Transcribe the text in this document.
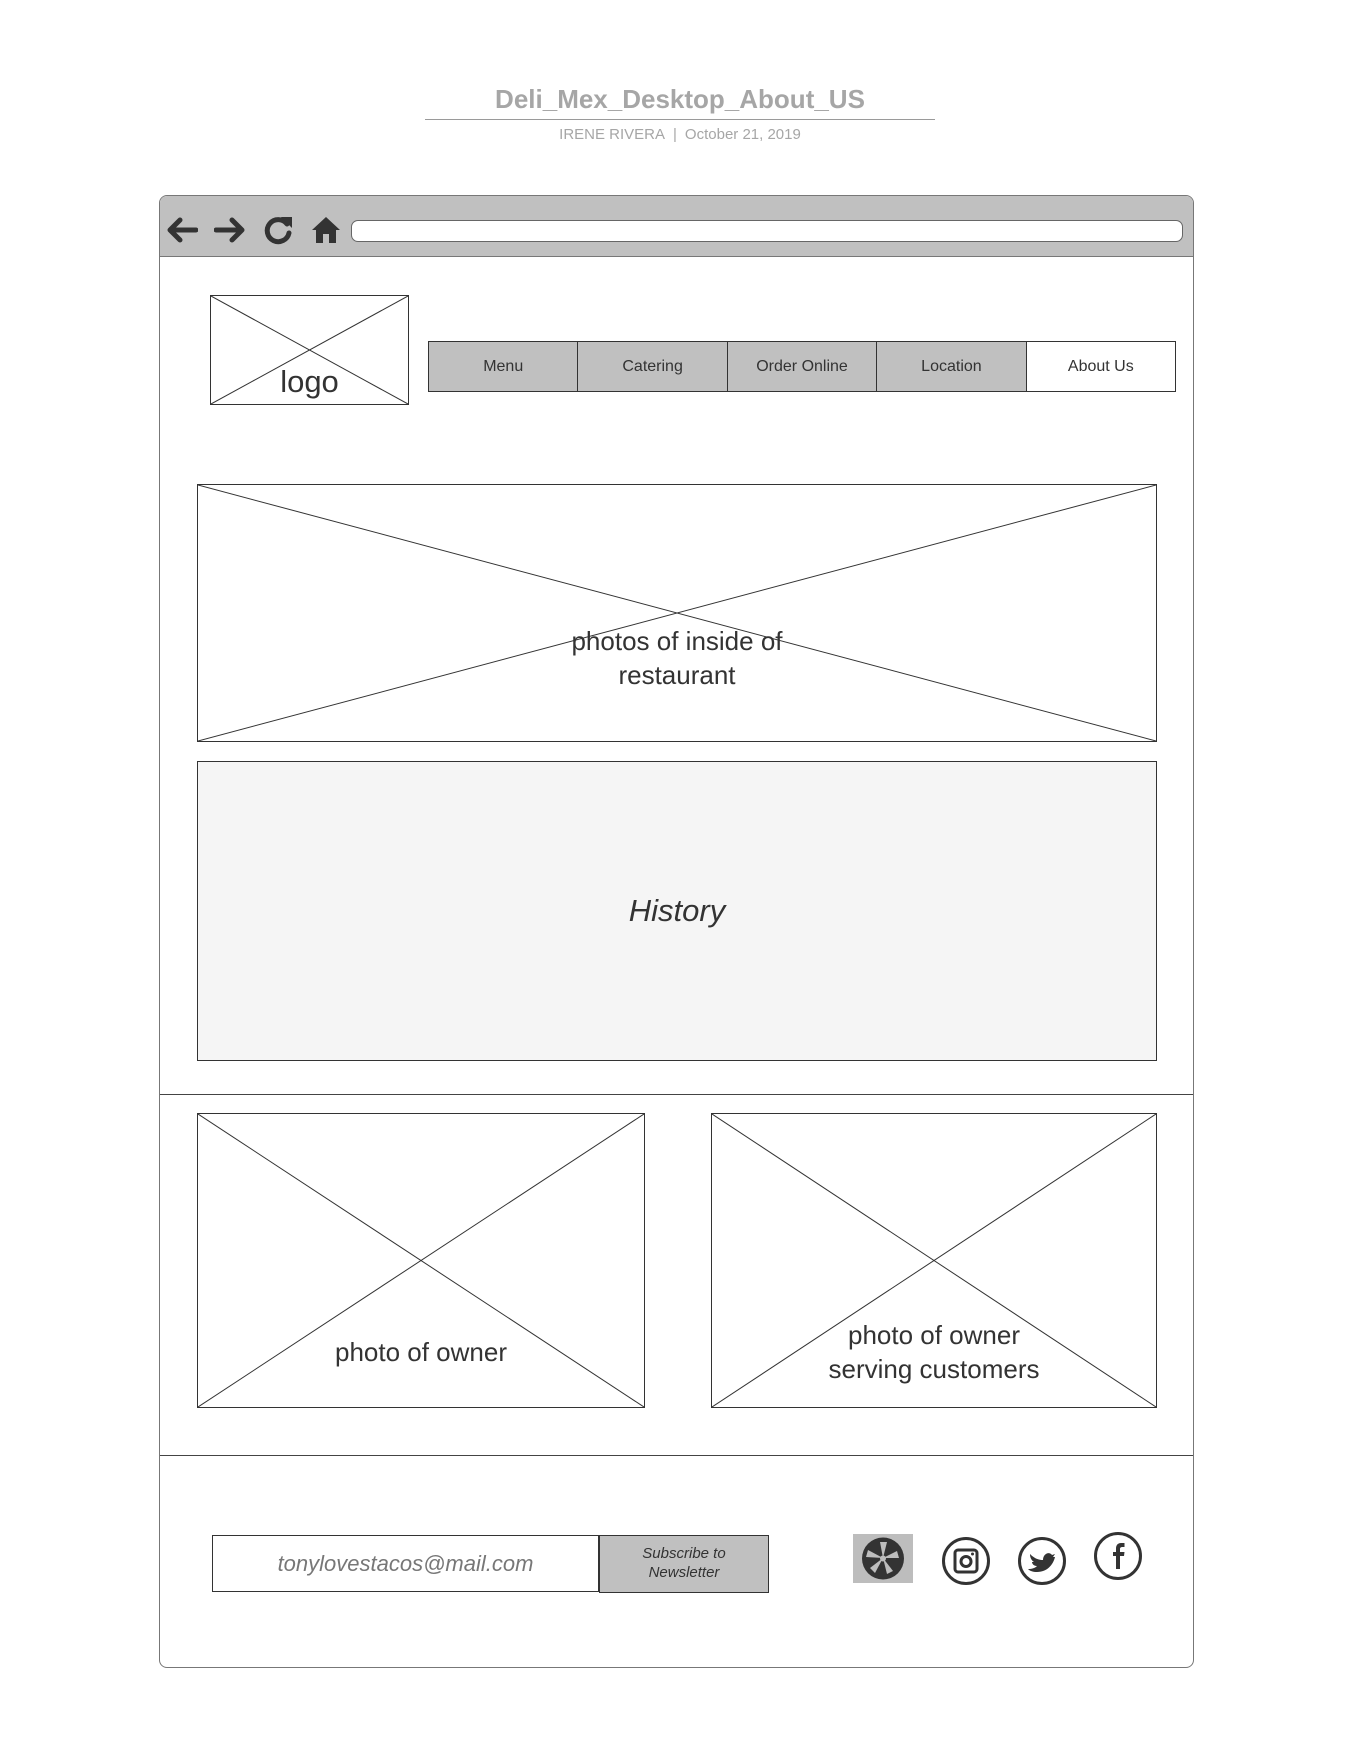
Deli_Mex_Desktop_About_US
IRENE RIVERA | October 21, 2019
logo	Menu	Catering	Order Online	Location	About Us
photos of inside of
restaurant
History
photo of owner
photo of owner
serving customers
tonylovestacos@mail.com
Subscribe to
Newsletter
